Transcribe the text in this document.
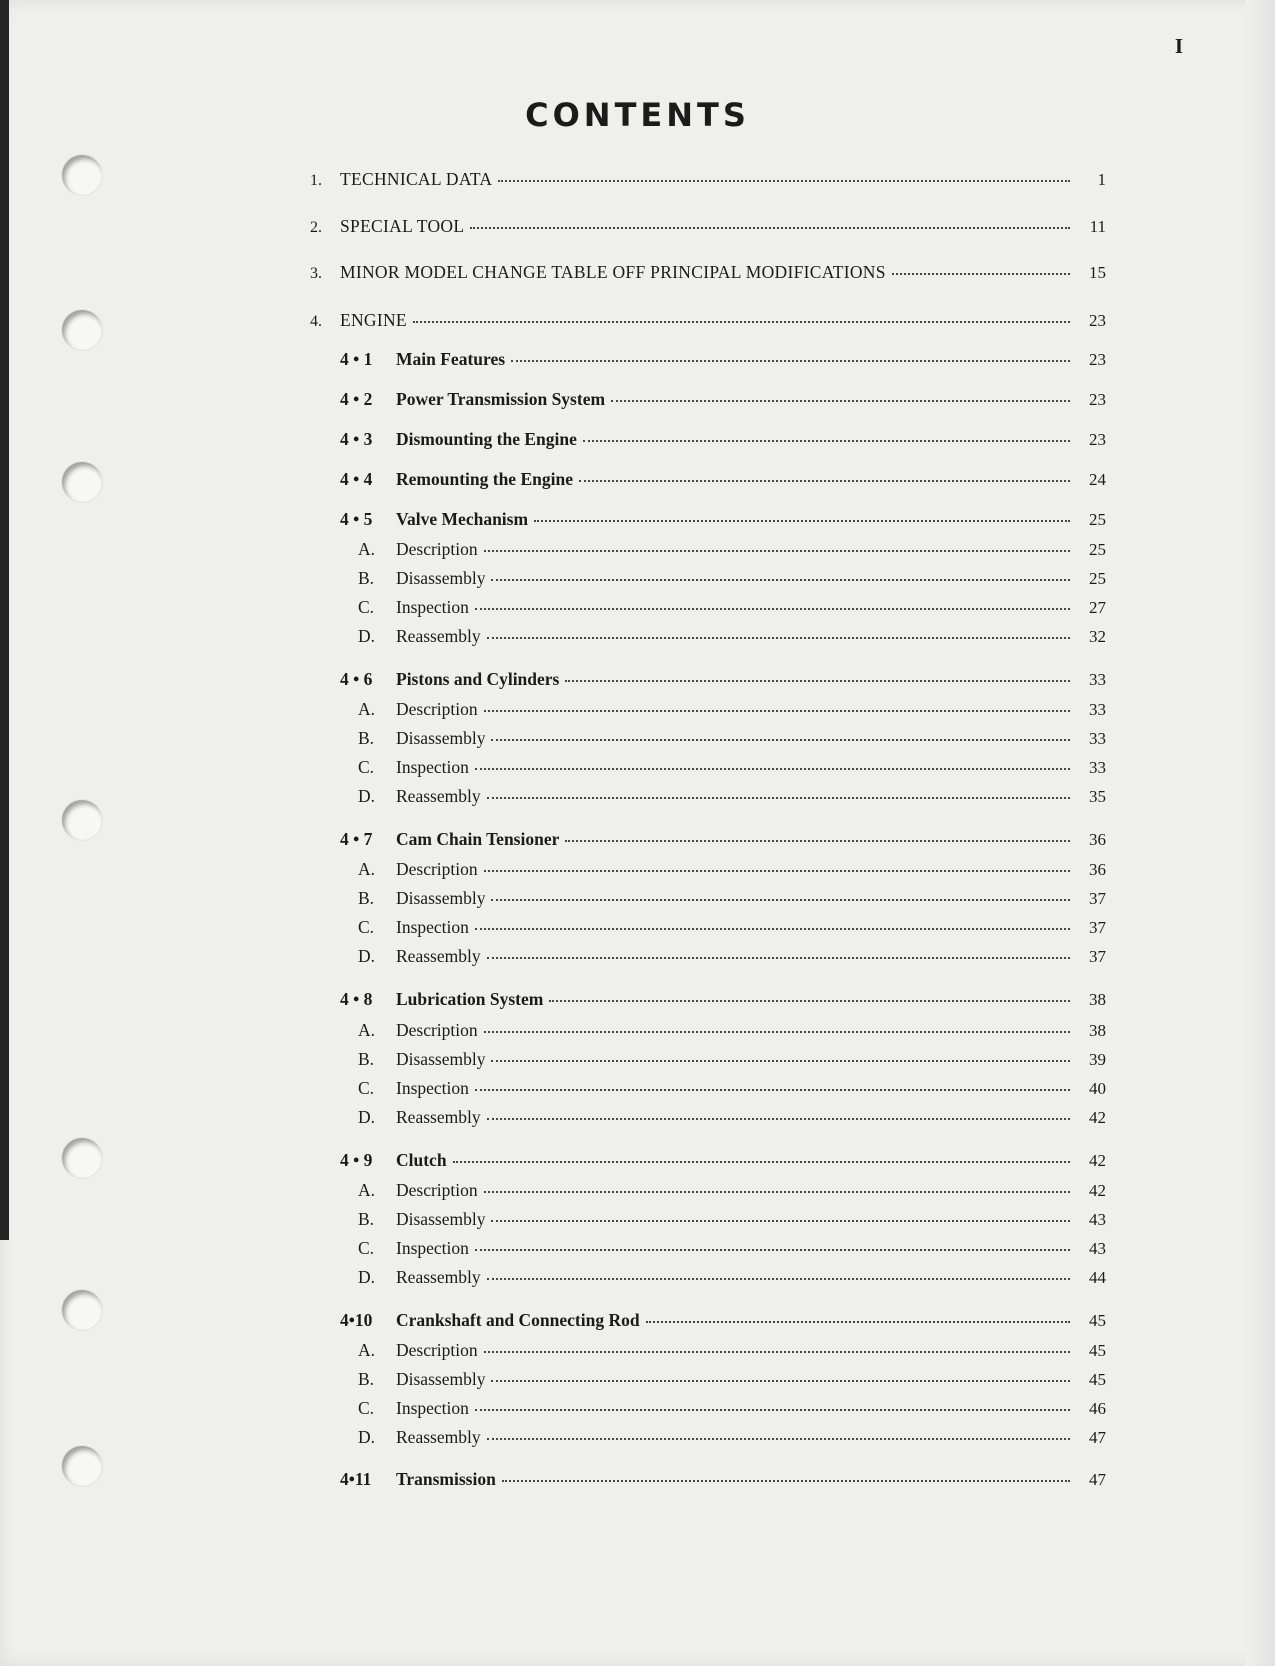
I
CONTENTS
1.	TECHNICAL DATA	1
2.	SPECIAL TOOL	11
3.	MINOR MODEL CHANGE TABLE OFF PRINCIPAL MODIFICATIONS	15
4.	ENGINE	23
4 • 1	Main Features	23
4 • 2	Power Transmission System	23
4 • 3	Dismounting the Engine	23
4 • 4	Remounting the Engine	24
4 • 5	Valve Mechanism	25
A.	Description	25
B.	Disassembly	25
C.	Inspection	27
D.	Reassembly	32
4 • 6	Pistons and Cylinders	33
A.	Description	33
B.	Disassembly	33
C.	Inspection	33
D.	Reassembly	35
4 • 7	Cam Chain Tensioner	36
A.	Description	36
B.	Disassembly	37
C.	Inspection	37
D.	Reassembly	37
4 • 8	Lubrication System	38
A.	Description	38
B.	Disassembly	39
C.	Inspection	40
D.	Reassembly	42
4 • 9	Clutch	42
A.	Description	42
B.	Disassembly	43
C.	Inspection	43
D.	Reassembly	44
4•10	Crankshaft and Connecting Rod	45
A.	Description	45
B.	Disassembly	45
C.	Inspection	46
D.	Reassembly	47
4•11	Transmission	47
